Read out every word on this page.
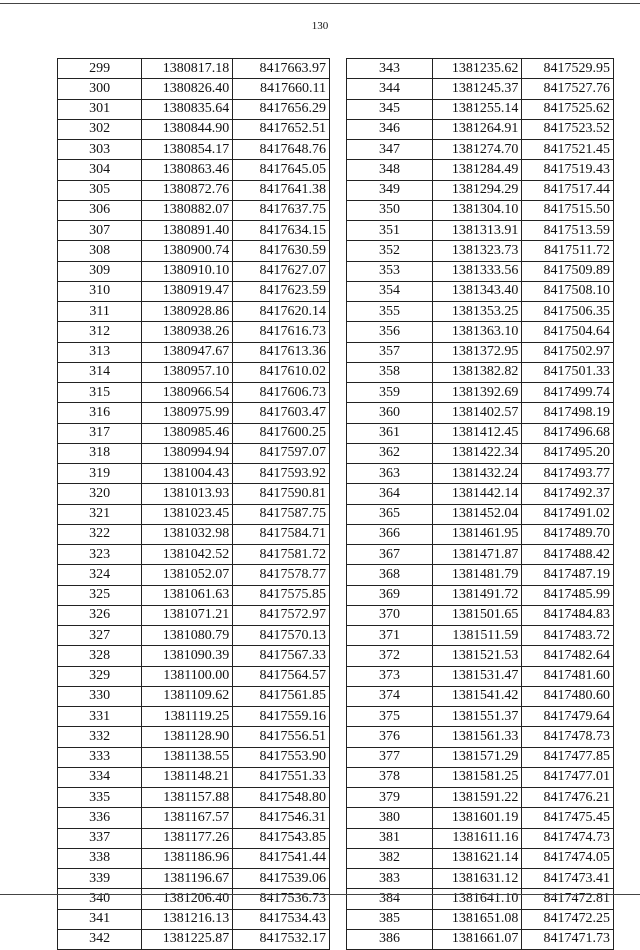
130
299	1380817.18	8417663.97
300	1380826.40	8417660.11
301	1380835.64	8417656.29
302	1380844.90	8417652.51
303	1380854.17	8417648.76
304	1380863.46	8417645.05
305	1380872.76	8417641.38
306	1380882.07	8417637.75
307	1380891.40	8417634.15
308	1380900.74	8417630.59
309	1380910.10	8417627.07
310	1380919.47	8417623.59
311	1380928.86	8417620.14
312	1380938.26	8417616.73
313	1380947.67	8417613.36
314	1380957.10	8417610.02
315	1380966.54	8417606.73
316	1380975.99	8417603.47
317	1380985.46	8417600.25
318	1380994.94	8417597.07
319	1381004.43	8417593.92
320	1381013.93	8417590.81
321	1381023.45	8417587.75
322	1381032.98	8417584.71
323	1381042.52	8417581.72
324	1381052.07	8417578.77
325	1381061.63	8417575.85
326	1381071.21	8417572.97
327	1381080.79	8417570.13
328	1381090.39	8417567.33
329	1381100.00	8417564.57
330	1381109.62	8417561.85
331	1381119.25	8417559.16
332	1381128.90	8417556.51
333	1381138.55	8417553.90
334	1381148.21	8417551.33
335	1381157.88	8417548.80
336	1381167.57	8417546.31
337	1381177.26	8417543.85
338	1381186.96	8417541.44
339	1381196.67	8417539.06
340	1381206.40	8417536.73
341	1381216.13	8417534.43
342	1381225.87	8417532.17
343	1381235.62	8417529.95
344	1381245.37	8417527.76
345	1381255.14	8417525.62
346	1381264.91	8417523.52
347	1381274.70	8417521.45
348	1381284.49	8417519.43
349	1381294.29	8417517.44
350	1381304.10	8417515.50
351	1381313.91	8417513.59
352	1381323.73	8417511.72
353	1381333.56	8417509.89
354	1381343.40	8417508.10
355	1381353.25	8417506.35
356	1381363.10	8417504.64
357	1381372.95	8417502.97
358	1381382.82	8417501.33
359	1381392.69	8417499.74
360	1381402.57	8417498.19
361	1381412.45	8417496.68
362	1381422.34	8417495.20
363	1381432.24	8417493.77
364	1381442.14	8417492.37
365	1381452.04	8417491.02
366	1381461.95	8417489.70
367	1381471.87	8417488.42
368	1381481.79	8417487.19
369	1381491.72	8417485.99
370	1381501.65	8417484.83
371	1381511.59	8417483.72
372	1381521.53	8417482.64
373	1381531.47	8417481.60
374	1381541.42	8417480.60
375	1381551.37	8417479.64
376	1381561.33	8417478.73
377	1381571.29	8417477.85
378	1381581.25	8417477.01
379	1381591.22	8417476.21
380	1381601.19	8417475.45
381	1381611.16	8417474.73
382	1381621.14	8417474.05
383	1381631.12	8417473.41
384	1381641.10	8417472.81
385	1381651.08	8417472.25
386	1381661.07	8417471.73
